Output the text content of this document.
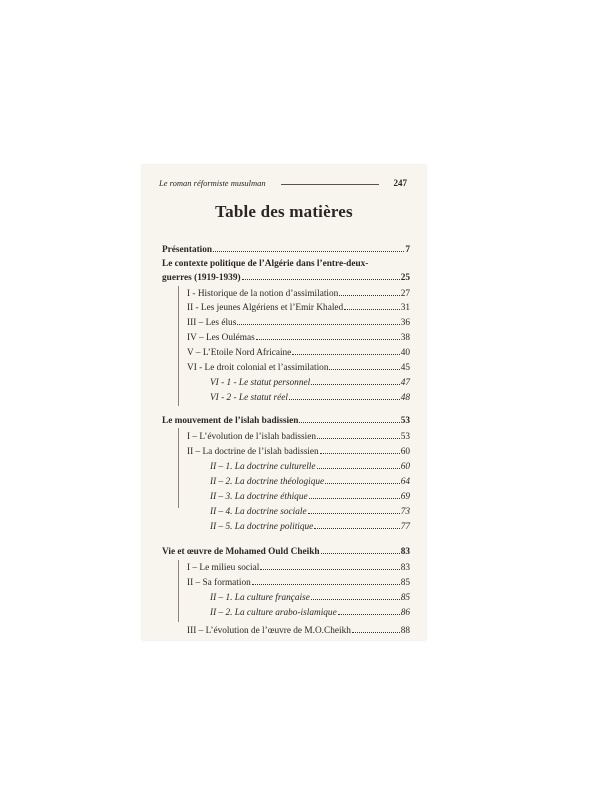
Le roman réformiste musulman	247
Table des matières
Présentation	7
Le contexte politique de l’Algérie dans l’entre-deux-
guerres (1919-1939)	25
I - Historique de la notion d’assimilation	27
II - Les jeunes Algériens et l’Emir Khaled	31
III – Les élus	36
IV – Les Oulémas	38
V – L’Etoile Nord Africaine	40
VI - Le droit colonial et l’assimilation	45
VI - 1 - Le statut personnel	47
VI - 2 - Le statut réel	48
Le mouvement de l’islah badissien	53
I – L’évolution de l’islah badissien	53
II – La doctrine de l’islah badissien	60
II – 1. La doctrine culturelle	60
II – 2. La doctrine théologique	64
II – 3. La doctrine éthique	69
II – 4. La doctrine sociale	73
II – 5. La doctrine politique	77
Vie et œuvre de Mohamed Ould Cheikh	83
I – Le milieu social	83
II – Sa formation	85
II – 1. La culture française	85
II – 2. La culture arabo-islamique	86
III – L’évolution de l’œuvre de M.O.Cheikh	88
